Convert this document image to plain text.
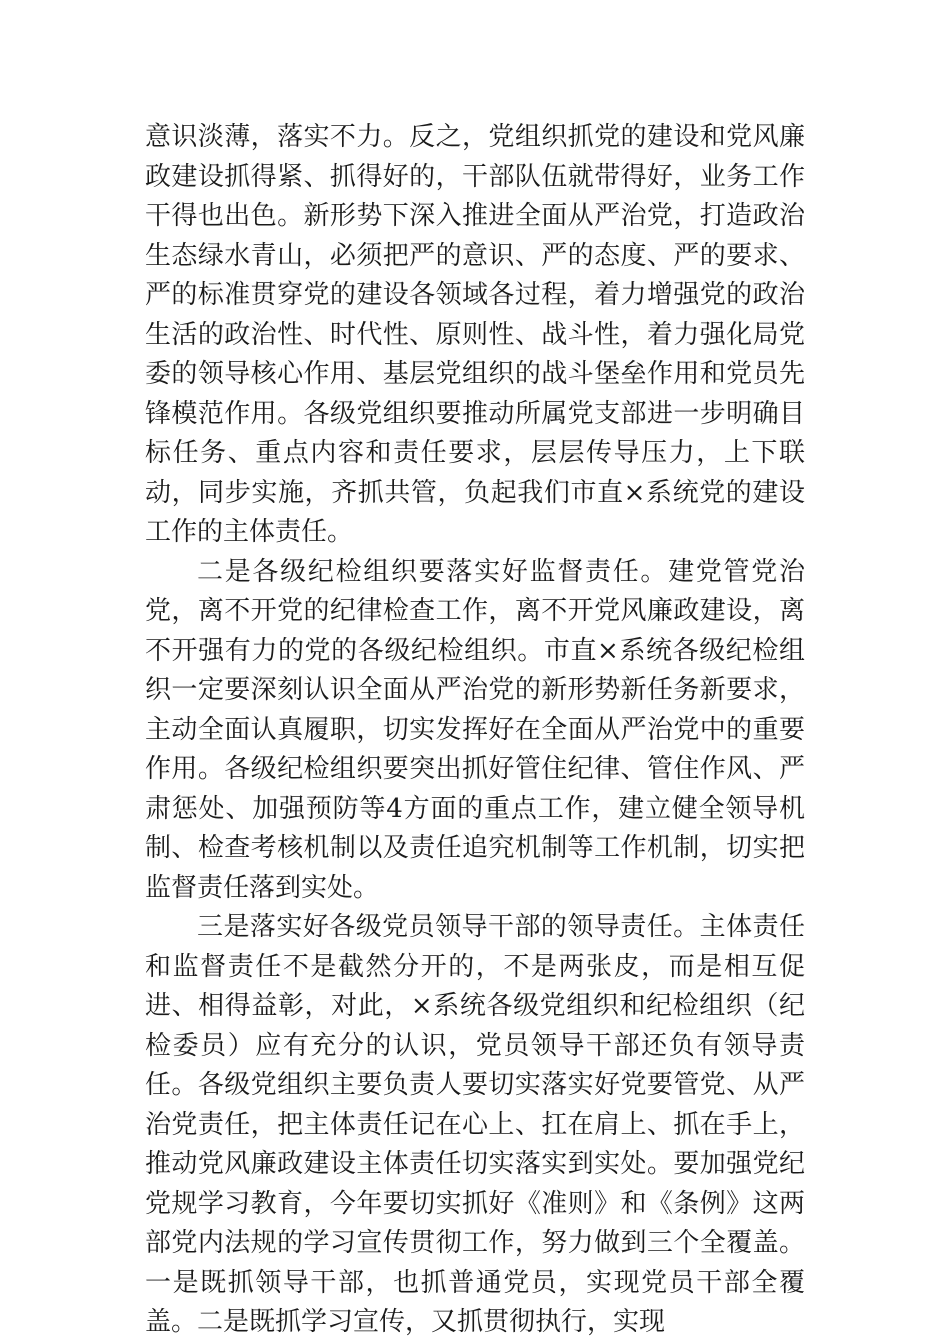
意识淡薄，落实不力。反之，党组织抓党的建设和党风廉政建设抓得紧、抓得好的，干部队伍就带得好，业务工作干得也出色。新形势下深入推进全面从严治党，打造政治生态绿水青山，必须把严的意识、严的态度、严的要求、严的标准贯穿党的建设各领域各过程，着力增强党的政治生活的政治性、时代性、原则性、战斗性，着力强化局党委的领导核心作用、基层党组织的战斗堡垒作用和党员先锋模范作用。各级党组织要推动所属党支部进一步明确目标任务、重点内容和责任要求，层层传导压力，上下联动，同步实施，齐抓共管，负起我们市直×系统党的建设工作的主体责任。

二是各级纪检组织要落实好监督责任。建党管党治党，离不开党的纪律检查工作，离不开党风廉政建设，离不开强有力的党的各级纪检组织。市直×系统各级纪检组织一定要深刻认识全面从严治党的新形势新任务新要求，主动全面认真履职，切实发挥好在全面从严治党中的重要作用。各级纪检组织要突出抓好管住纪律、管住作风、严肃惩处、加强预防等4方面的重点工作，建立健全领导机制、检查考核机制以及责任追究机制等工作机制，切实把监督责任落到实处。

三是落实好各级党员领导干部的领导责任。主体责任和监督责任不是截然分开的，不是两张皮，而是相互促进、相得益彰，对此，×系统各级党组织和纪检组织（纪检委员）应有充分的认识，党员领导干部还负有领导责任。各级党组织主要负责人要切实落实好党要管党、从严治党责任，把主体责任记在心上、扛在肩上、抓在手上，推动党风廉政建设主体责任切实落实到实处。要加强党纪党规学习教育，今年要切实抓好《准则》和《条例》这两部党内法规的学习宣传贯彻工作，努力做到三个全覆盖。一是既抓领导干部，也抓普通党员，实现党员干部全覆盖。二是既抓学习宣传，又抓贯彻执行，实现
